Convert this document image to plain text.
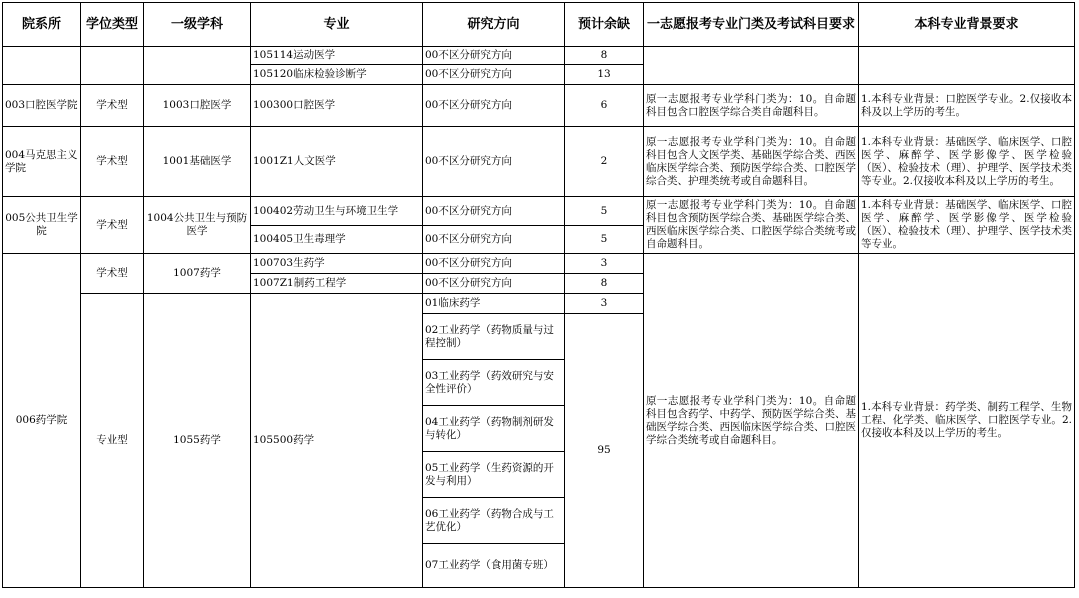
院系所	学位类型	一级学科	专业	研究方向	预计余缺	一志愿报考专业门类及考试科目要求	本科专业背景要求
			105114运动医学	00不区分研究方向	8		
			105120临床检验诊断学	00不区分研究方向	13		
003口腔医学院	学术型	1003口腔医学	100300口腔医学	00不区分研究方向	6	原一志愿报考专业学科门类为：10。自命题科目包含口腔医学综合类自命题科目。	1.本科专业背景：口腔医学专业。2.仅接收本科及以上学历的考生。
004马克思主义学院	学术型	1001基础医学	1001Z1人文医学	00不区分研究方向	2	原一志愿报考专业学科门类为：10。自命题科目包含人文医学类、基础医学综合类、西医临床医学综合类、预防医学综合类、口腔医学综合类、护理类统考或自命题科目。	1.本科专业背景：基础医学、临床医学、口腔医学、麻醉学、医学影像学、医学检验（医）、检验技术（理）、护理学、医学技术类等专业。2.仅接收本科及以上学历的考生。
005公共卫生学院	学术型	1004公共卫生与预防医学	100402劳动卫生与环境卫生学	00不区分研究方向	5	原一志愿报考专业学科门类为：10。自命题科目包含预防医学综合类、基础医学综合类、西医临床医学综合类、口腔医学综合类统考或自命题科目。	1.本科专业背景：基础医学、临床医学、口腔医学、麻醉学、医学影像学、医学检验（医）、检验技术（理）、护理学、医学技术类等专业。
			100405卫生毒理学	00不区分研究方向	5		
006药学院	学术型	1007药学	100703生药学	00不区分研究方向	3	原一志愿报考专业学科门类为：10。自命题科目包含药学、中药学、预防医学综合类、基础医学综合类、西医临床医学综合类、口腔医学综合类统考或自命题科目。	1.本科专业背景：药学类、制药工程学、生物工程、化学类、临床医学、口腔医学专业。2.仅接收本科及以上学历的考生。
			1007Z1制药工程学	00不区分研究方向	8		
	专业型	1055药学	105500药学	01临床药学	3		
				02工业药学（药物质量与过程控制）	95		
				03工业药学（药效研究与安全性评价）			
				04工业药学（药物制剂研发与转化）			
				05工业药学（生药资源的开发与利用）			
				06工业药学（药物合成与工艺优化）			
				07工业药学（食用菌专班）			
